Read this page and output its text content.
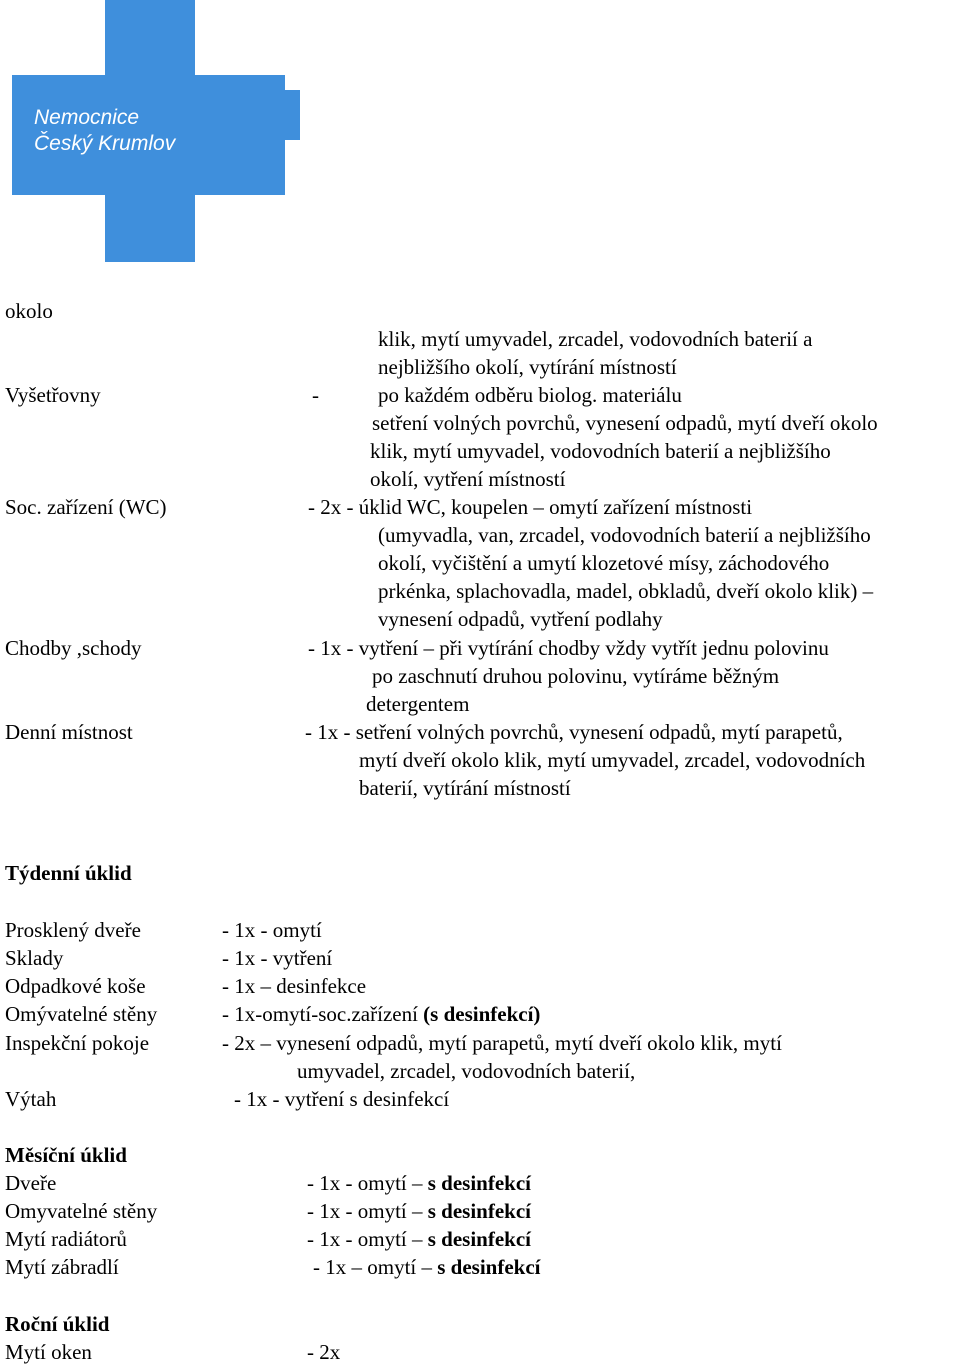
Nemocnice
Český Krumlov
okolo
klik, mytí umyvadel, zrcadel, vodovodních baterií a
nejbližšího okolí, vytírání místností
Vyšetřovny	-	po každém odběru biolog. materiálu
setření volných povrchů, vynesení odpadů, mytí dveří okolo
klik, mytí umyvadel, vodovodních baterií a nejbližšího
okolí, vytření místností
Soc. zařízení (WC)	- 2x - úklid WC, koupelen – omytí zařízení místnosti
(umyvadla, van, zrcadel, vodovodních baterií a nejbližšího
okolí, vyčištění a umytí klozetové mísy, záchodového
prkénka, splachovadla, madel, obkladů, dveří okolo klik) –
vynesení odpadů, vytření podlahy
Chodby ,schody	- 1x - vytření – při vytírání chodby vždy vytřít jednu polovinu
po zaschnutí druhou polovinu, vytíráme běžným
detergentem
Denní místnost	- 1x - setření volných povrchů, vynesení odpadů, mytí parapetů,
mytí dveří okolo klik, mytí umyvadel, zrcadel, vodovodních
baterií, vytírání místností
Týdenní úklid
Prosklený dveře	- 1x - omytí
Sklady	- 1x - vytření
Odpadkové koše	- 1x – desinfekce
Omývatelné stěny	- 1x-omytí-soc.zařízení (s desinfekcí)
Inspekční pokoje	- 2x – vynesení odpadů, mytí parapetů, mytí dveří okolo klik, mytí
umyvadel, zrcadel, vodovodních baterií,
Výtah	- 1x - vytření s desinfekcí
Měsíční úklid
Dveře	- 1x - omytí – s desinfekcí
Omyvatelné stěny	- 1x - omytí – s desinfekcí
Mytí radiátorů	- 1x - omytí – s desinfekcí
Mytí zábradlí	- 1x – omytí – s desinfekcí
Roční úklid
Mytí oken	- 2x
